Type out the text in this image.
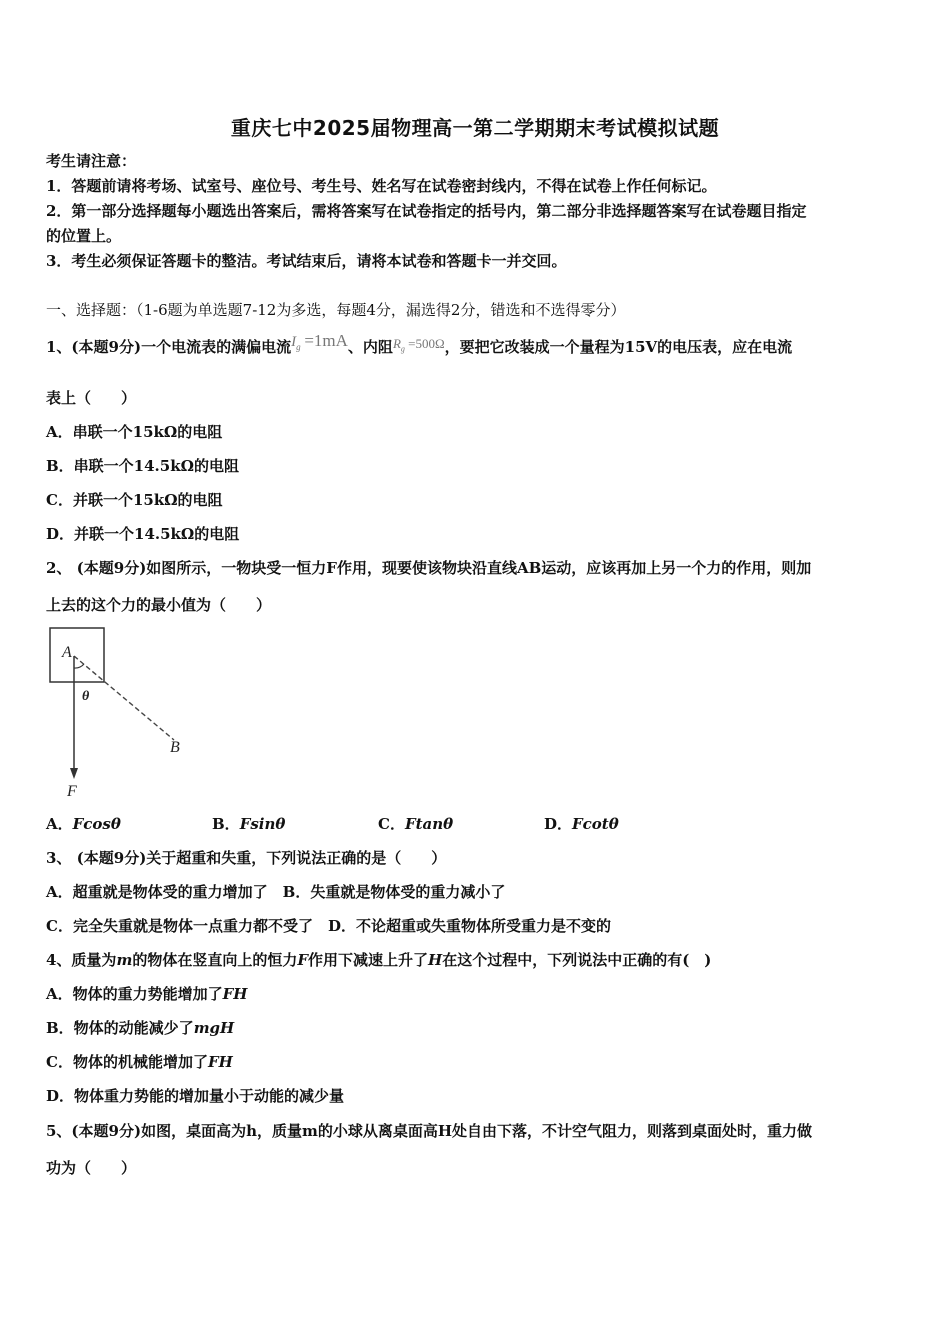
重庆七中2025届物理高一第二学期期末考试模拟试题
考生请注意：
1．答题前请将考场、试室号、座位号、考生号、姓名写在试卷密封线内，不得在试卷上作任何标记。
2．第一部分选择题每小题选出答案后，需将答案写在试卷指定的括号内，第二部分非选择题答案写在试卷题目指定
的位置上。
3．考生必须保证答题卡的整洁。考试结束后，请将本试卷和答题卡一并交回。
一、选择题：（1-6题为单选题7-12为多选，每题4分，漏选得2分，错选和不选得零分）
1、(本题9分)一个电流表的满偏电流$I_g =1mA$、内阻$R_g =500\Omega$，要把它改装成一个量程为15V的电压表，应在电流
表上（　　）
A．串联一个15kΩ的电阻
B．串联一个14.5kΩ的电阻
C．并联一个15kΩ的电阻
D．并联一个14.5kΩ的电阻
2、 (本题9分)如图所示，一物块受一恒力F作用，现要使该物块沿直线AB运动，应该再加上另一个力的作用，则加
上去的这个力的最小值为（　　）
A
θ
B
F
A．Fcosθ	B．Fsinθ	C．Ftanθ	D．Fcotθ
3、 (本题9分)关于超重和失重，下列说法正确的是（　　）
A．超重就是物体受的重力增加了　B．失重就是物体受的重力减小了
C．完全失重就是物体一点重力都不受了　D．不论超重或失重物体所受重力是不变的
4、质量为m的物体在竖直向上的恒力F作用下减速上升了H在这个过程中，下列说法中正确的有(　)
A．物体的重力势能增加了FH
B．物体的动能减少了mgH
C．物体的机械能增加了FH
D．物体重力势能的增加量小于动能的减少量
5、(本题9分)如图，桌面高为h，质量m的小球从离桌面高H处自由下落，不计空气阻力，则落到桌面处时，重力做
功为（　　）
